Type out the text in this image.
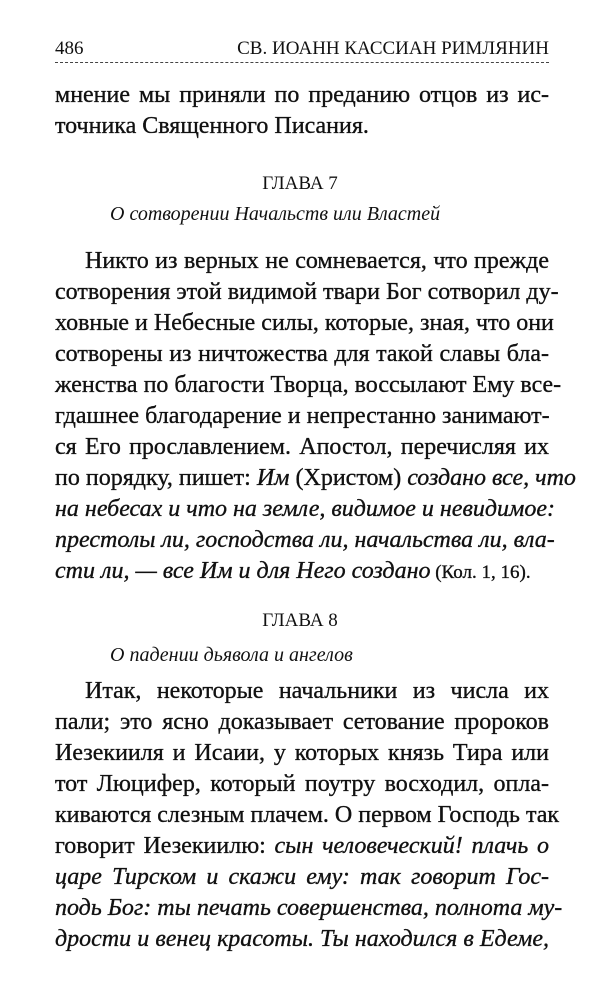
486	СВ. ИОАНН КАССИАН РИМЛЯНИН
мнение мы приняли по преданию отцов из ис-
точника Священного Писания.
ГЛАВА 7
О сотворении Начальств или Властей
Никто из верных не сомневается, что прежде
сотворения этой видимой твари Бог сотворил ду-
ховные и Небесные силы, которые, зная, что они
сотворены из ничтожества для такой славы бла-
женства по благости Творца, воссылают Ему все-
гдашнее благодарение и непрестанно занимают-
ся Его прославлением. Апостол, перечисляя их
по порядку, пишет: Им (Христом) создано все, что
на небесах и что на земле, видимое и невидимое:
престолы ли, господства ли, начальства ли, вла-
сти ли, — все Им и для Него создано (Кол. 1, 16).
ГЛАВА 8
О падении дьявола и ангелов
Итак, некоторые начальники из числа их
пали; это ясно доказывает сетование пророков
Иезекииля и Исаии, у которых князь Тира или
тот Люцифер, который поутру восходил, опла-
киваются слезным плачем. О первом Господь так
говорит Иезекиилю: сын человеческий! плачь о
царе Тирском и скажи ему: так говорит Гос-
подь Бог: ты печать совершенства, полнота му-
дрости и венец красоты. Ты находился в Едеме,
